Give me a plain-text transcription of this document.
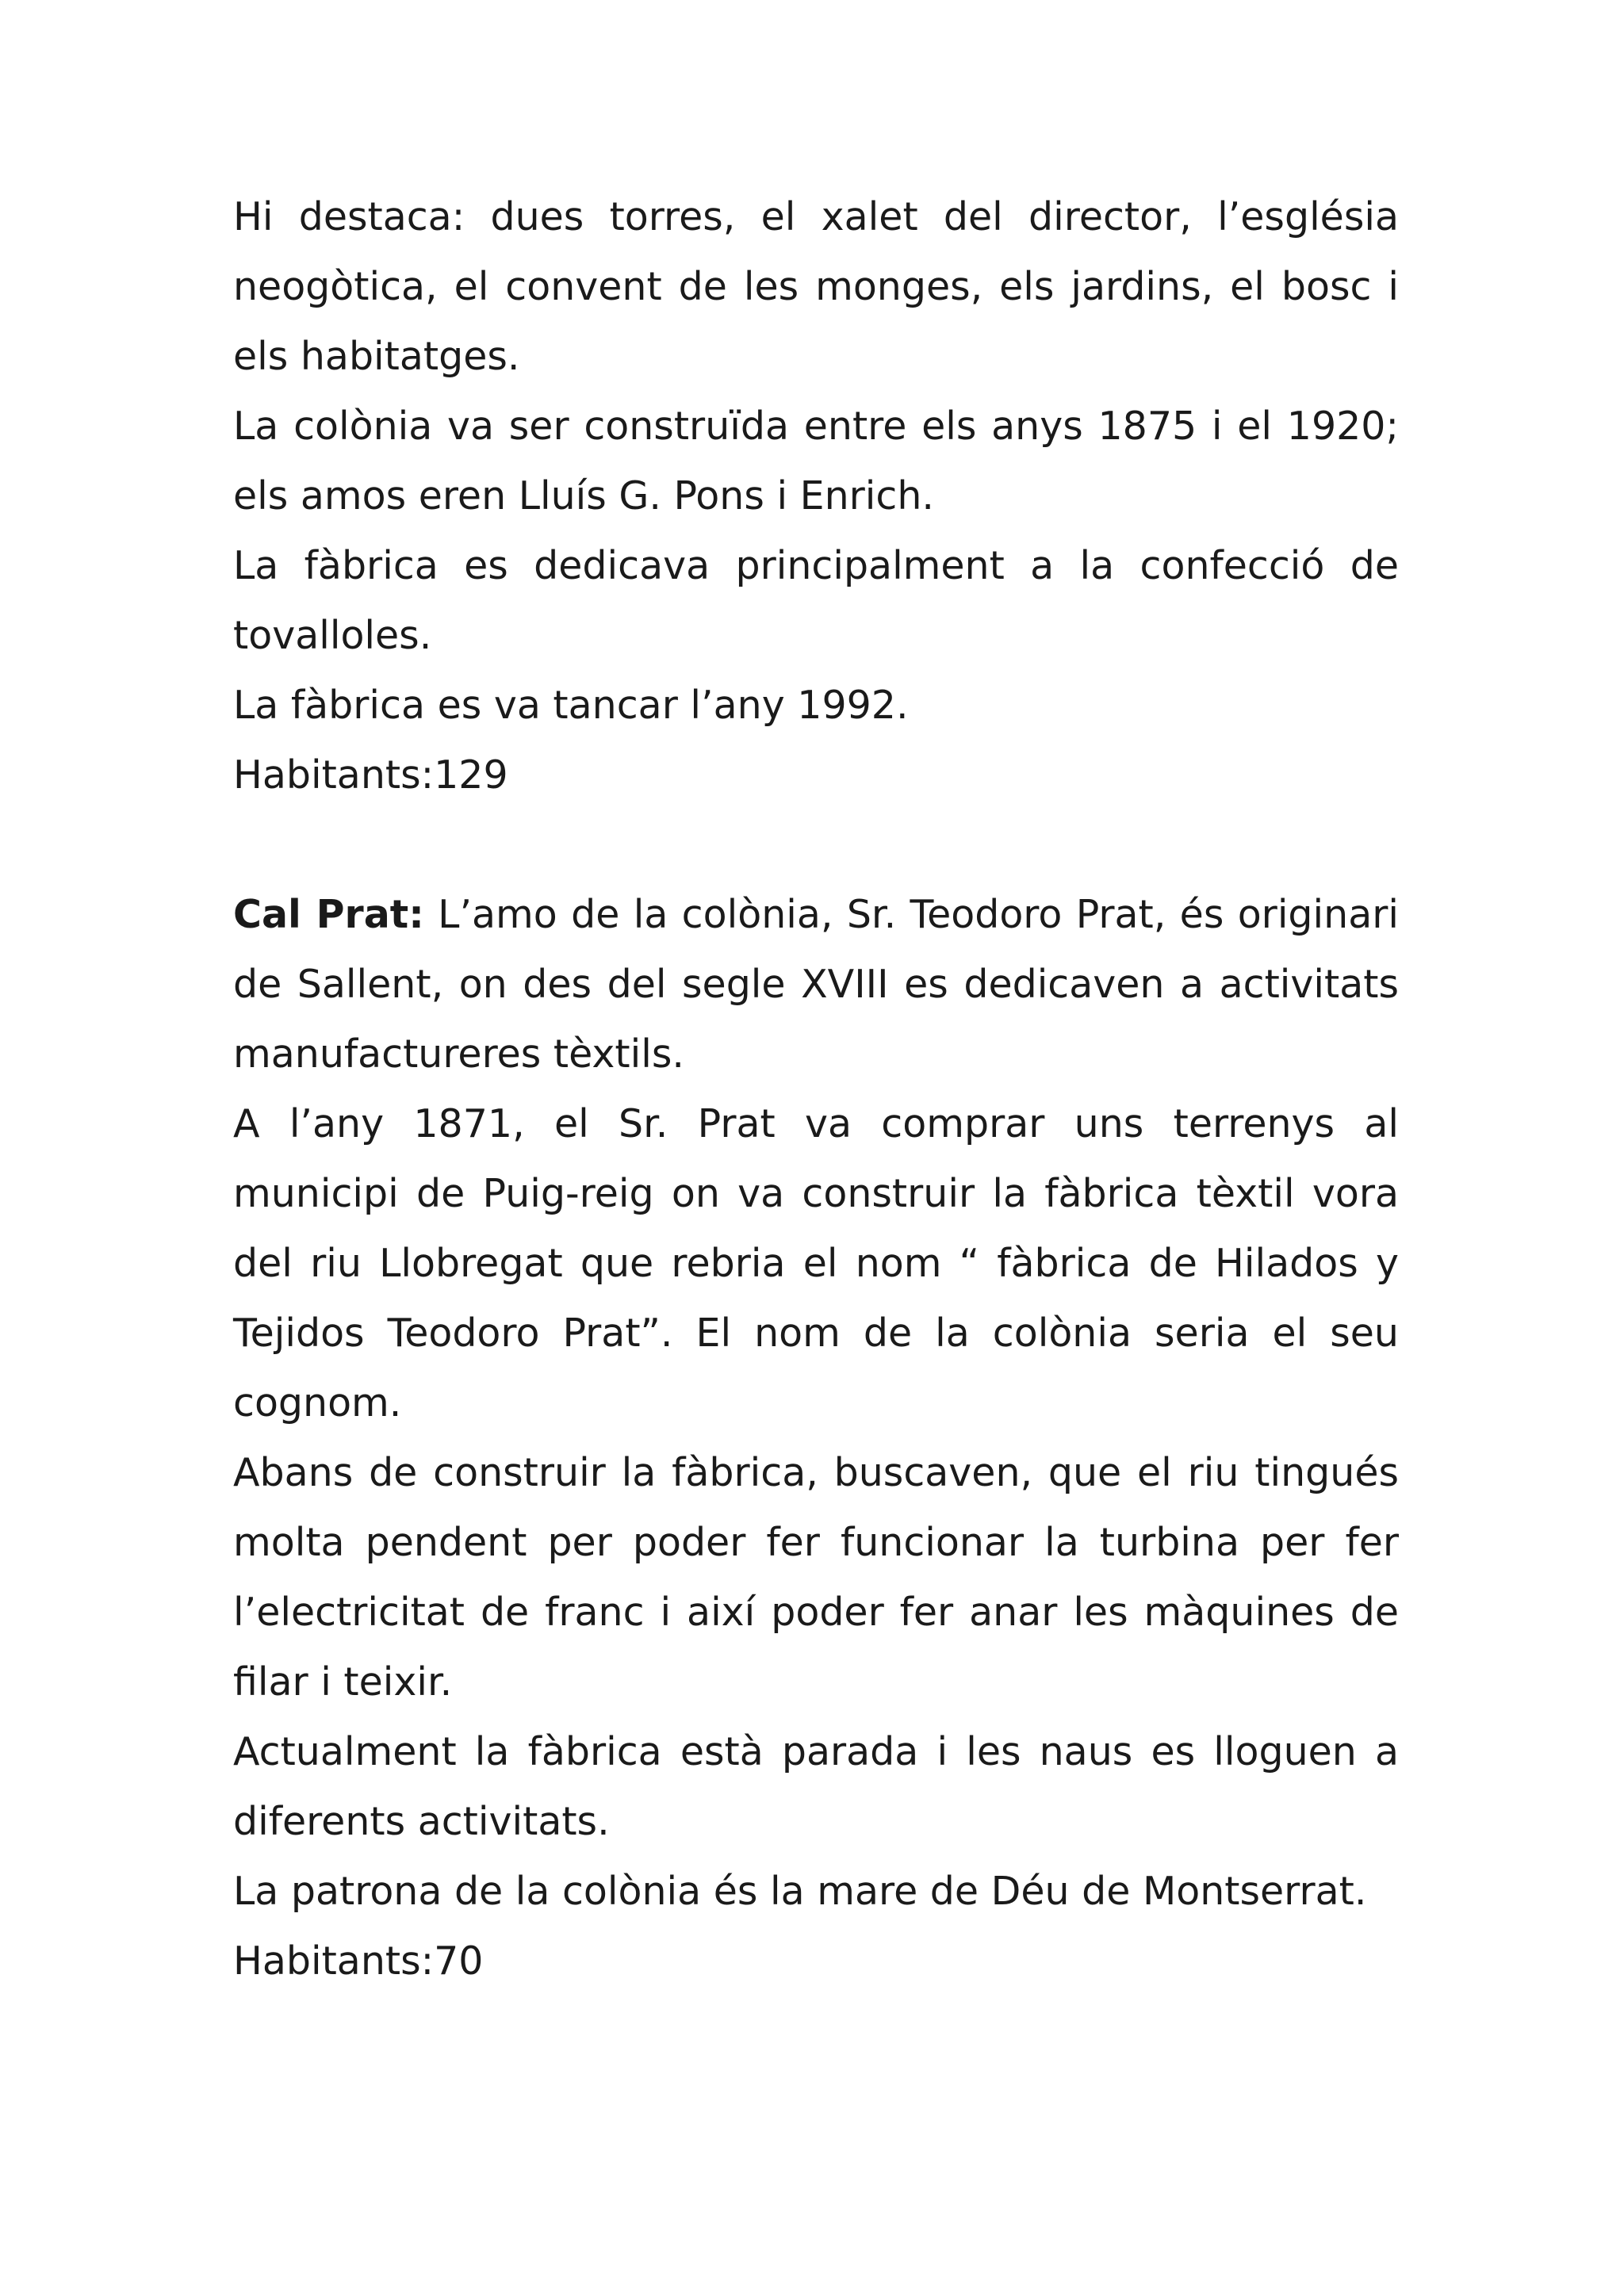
Hi destaca: dues torres, el xalet del director, l’església neogòtica, el convent de les monges, els jardins, el bosc i els habitatges.

La colònia va ser construïda entre els anys 1875 i el 1920; els amos eren Lluís G. Pons i Enrich.

La fàbrica es dedicava principalment a la confecció de tovalloles.

La fàbrica es va tancar l’any 1992.

Habitants:129

Cal Prat: L’amo de la colònia, Sr. Teodoro Prat, és originari de Sallent, on des del segle XVIII es dedicaven a activitats manufactureres tèxtils.

A l’any 1871, el Sr. Prat va comprar uns terrenys al municipi de Puig-reig on va construir la fàbrica tèxtil vora del riu Llobregat que rebria el nom “ fàbrica de Hilados y Tejidos Teodoro Prat”. El nom de la colònia seria el seu cognom.

Abans de construir la fàbrica, buscaven, que el riu tingués molta pendent per poder fer funcionar la turbina per fer l’electricitat de franc i així poder fer anar les màquines de filar i teixir.

Actualment la fàbrica està parada i les naus es lloguen a diferents activitats.

La patrona de la colònia és la mare de Déu de Montserrat.

Habitants:70
